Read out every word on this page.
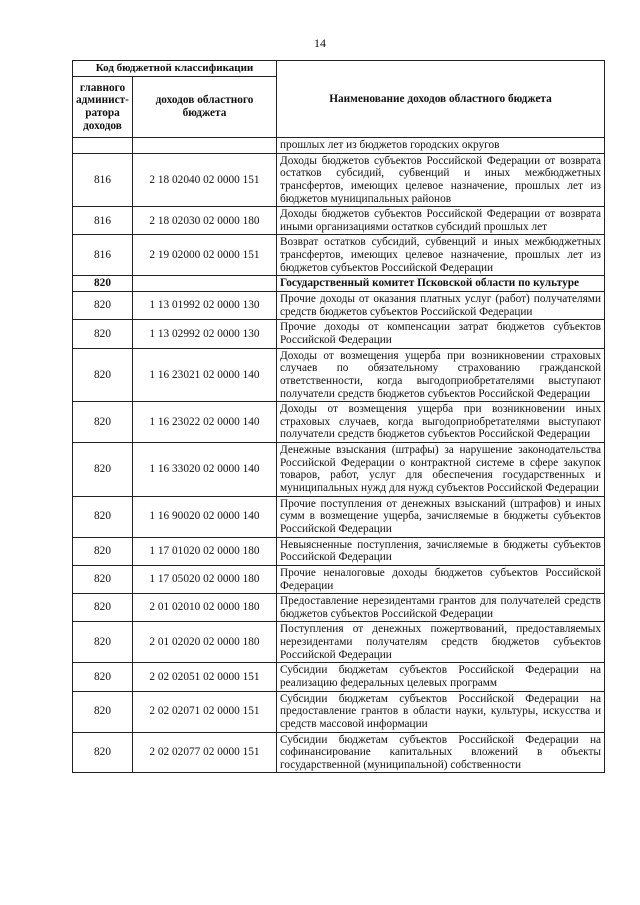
14
Код бюджетной классификации		Наименование доходов областного бюджета
главного админист-ратора доходов	доходов областного бюджета	
		прошлых лет из бюджетов городских округов
816	2 18 02040 02 0000 151	Доходы бюджетов субъектов Российской Федерации от возврата остатков субсидий, субвенций и иных межбюджетных трансфертов, имеющих целевое назначение, прошлых лет из бюджетов муниципальных районов
816	2 18 02030 02 0000 180	Доходы бюджетов субъектов Российской Федерации от возврата иными организациями остатков субсидий прошлых лет
816	2 19 02000 02 0000 151	Возврат остатков субсидий, субвенций и иных межбюджетных трансфертов, имеющих целевое назначение, прошлых лет из бюджетов субъектов Российской Федерации
820		Государственный комитет Псковской области по культуре
820	1 13 01992 02 0000 130	Прочие доходы от оказания платных услуг (работ) получателями средств бюджетов субъектов Российской Федерации
820	1 13 02992 02 0000 130	Прочие доходы от компенсации затрат бюджетов субъектов Российской Федерации
820	1 16 23021 02 0000 140	Доходы от возмещения ущерба при возникновении страховых случаев по обязательному страхованию гражданской ответственности, когда выгодоприобретателями выступают получатели средств бюджетов субъектов Российской Федерации
820	1 16 23022 02 0000 140	Доходы от возмещения ущерба при возникновении иных страховых случаев, когда выгодоприобретателями выступают получатели средств бюджетов субъектов Российской Федерации
820	1 16 33020 02 0000 140	Денежные взыскания (штрафы) за нарушение законодательства Российской Федерации о контрактной системе в сфере закупок товаров, работ, услуг для обеспечения государственных и муниципальных нужд для нужд субъектов Российской Федерации
820	1 16 90020 02 0000 140	Прочие поступления от денежных взысканий (штрафов) и иных сумм в возмещение ущерба, зачисляемые в бюджеты субъектов Российской Федерации
820	1 17 01020 02 0000 180	Невыясненные поступления, зачисляемые в бюджеты субъектов Российской Федерации
820	1 17 05020 02 0000 180	Прочие неналоговые доходы бюджетов субъектов Российской Федерации
820	2 01 02010 02 0000 180	Предоставление нерезидентами грантов для получателей средств бюджетов субъектов Российской Федерации
820	2 01 02020 02 0000 180	Поступления от денежных пожертвований, предоставляемых нерезидентами получателям средств бюджетов субъектов Российской Федерации
820	2 02 02051 02 0000 151	Субсидии бюджетам субъектов Российской Федерации на реализацию федеральных целевых программ
820	2 02 02071 02 0000 151	Субсидии бюджетам субъектов Российской Федерации на предоставление грантов в области науки, культуры, искусства и средств массовой информации
820	2 02 02077 02 0000 151	Субсидии бюджетам субъектов Российской Федерации на софинансирование капитальных вложений в объекты государственной (муниципальной) собственности
